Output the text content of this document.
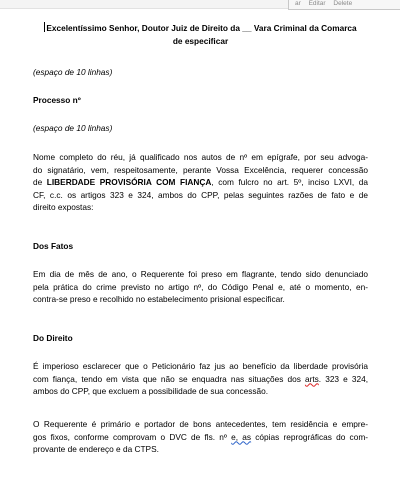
ar Editar Delete
Excelentíssimo Senhor, Doutor Juiz de Direito da __ Vara Criminal da Comarca
de especificar
(espaço de 10 linhas)
Processo nº
(espaço de 10 linhas)
Nome completo do réu, já qualificado nos autos de nº em epígrafe, por seu advoga-
do signatário, vem, respeitosamente, perante Vossa Excelência, requerer concessão
de LIBERDADE PROVISÓRIA COM FIANÇA, com fulcro no art. 5º, inciso LXVI, da
CF, c.c. os artigos 323 e 324, ambos do CPP, pelas seguintes razões de fato e de
direito expostas:
Dos Fatos
Em dia de mês de ano, o Requerente foi preso em flagrante, tendo sido denunciado
pela prática do crime previsto no artigo nº, do Código Penal e, até o momento, en-
contra-se preso e recolhido no estabelecimento prisional especificar.
Do Direito
É imperioso esclarecer que o Peticionário faz jus ao benefício da liberdade provisória
com fiança, tendo em vista que não se enquadra nas situações dos arts. 323 e 324,
ambos do CPP, que excluem a possibilidade de sua concessão.
O Requerente é primário e portador de bons antecedentes, tem residência e empre-
gos fixos, conforme comprovam o DVC de fls. nº e, as cópias reprográficas do com-
provante de endereço e da CTPS.
